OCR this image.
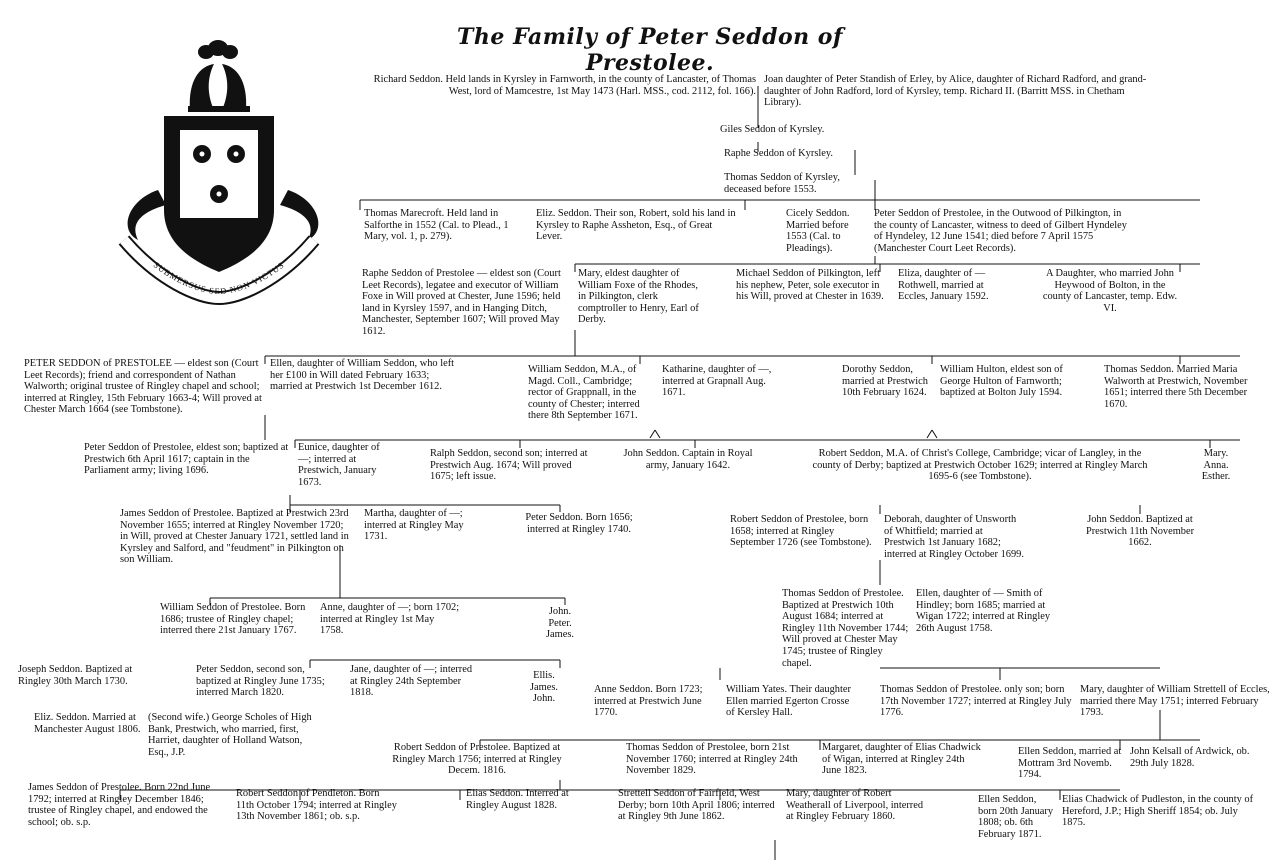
The Family of Peter Seddon of Prestolee.
SUBMERSUS SED NON VICTUS
Richard Seddon. Held lands in Kyrsley in Farnworth, in the county of Lancaster, of Thomas West, lord of Mamcestre, 1st May 1473 (Harl. MSS., cod. 2112, fol. 166).
Joan daughter of Peter Standish of Erley, by Alice, daughter of Richard Radford, and grand-daughter of John Radford, lord of Kyrsley, temp. Richard II. (Barritt MSS. in Chetham Library).
Giles Seddon of Kyrsley.
Raphe Seddon of Kyrsley.
Thomas Seddon of Kyrsley, deceased before 1553.
Thomas Marecroft. Held land in Salforthe in 1552 (Cal. to Plead., 1 Mary, vol. 1, p. 279).
Eliz. Seddon. Their son, Robert, sold his land in Kyrsley to Raphe Assheton, Esq., of Great Lever.
Cicely Seddon. Married before 1553 (Cal. to Pleadings).
Peter Seddon of Prestolee, in the Outwood of Pilkington, in the county of Lancaster, witness to deed of Gilbert Hyndeley of Hyndeley, 12 June 1541; died before 7 April 1575 (Manchester Court Leet Records).
Raphe Seddon of Prestolee — eldest son (Court Leet Records), legatee and executor of William Foxe in Will proved at Chester, June 1596; held land in Kyrsley 1597, and in Hanging Ditch, Manchester, September 1607; Will proved May 1612.
Mary, eldest daughter of William Foxe of the Rhodes, in Pilkington, clerk comptroller to Henry, Earl of Derby.
Michael Seddon of Pilkington, left his nephew, Peter, sole executor in his Will, proved at Chester in 1639.
Eliza, daughter of — Rothwell, married at Eccles, January 1592.
A Daughter, who married John Heywood of Bolton, in the county of Lancaster, temp. Edw. VI.
PETER SEDDON of PRESTOLEE — eldest son (Court Leet Records); friend and correspondent of Nathan Walworth; original trustee of Ringley chapel and school; interred at Ringley, 15th February 1663-4; Will proved at Chester March 1664 (see Tombstone).
Ellen, daughter of William Seddon, who left her £100 in Will dated February 1633; married at Prestwich 1st December 1612.
William Seddon, M.A., of Magd. Coll., Cambridge; rector of Grappnall, in the county of Chester; interred there 8th September 1671.
Katharine, daughter of —, interred at Grapnall Aug. 1671.
Dorothy Seddon, married at Prestwich 10th February 1624.
William Hulton, eldest son of George Hulton of Farnworth; baptized at Bolton July 1594.
Thomas Seddon. Married Maria Walworth at Prestwich, November 1651; interred there 5th December 1670.
Peter Seddon of Prestolee, eldest son; baptized at Prestwich 6th April 1617; captain in the Parliament army; living 1696.
Eunice, daughter of —; interred at Prestwich, January 1673.
Ralph Seddon, second son; interred at Prestwich Aug. 1674; Will proved 1675; left issue.
John Seddon. Captain in Royal army, January 1642.
Robert Seddon, M.A. of Christ's College, Cambridge; vicar of Langley, in the county of Derby; baptized at Prestwich October 1629; interred at Ringley March 1695-6 (see Tombstone).
Mary. Anna. Esther.
James Seddon of Prestolee. Baptized at Prestwich 23rd November 1655; interred at Ringley November 1720; in Will, proved at Chester January 1721, settled land in Kyrsley and Salford, and "feudment" in Pilkington on son William.
Martha, daughter of —; interred at Ringley May 1731.
Peter Seddon. Born 1656; interred at Ringley 1740.
Robert Seddon of Prestolee, born 1658; interred at Ringley September 1726 (see Tombstone).
Deborah, daughter of Unsworth of Whitfield; married at Prestwich 1st January 1682; interred at Ringley October 1699.
John Seddon. Baptized at Prestwich 11th November 1662.
William Seddon of Prestolee. Born 1686; trustee of Ringley chapel; interred there 21st January 1767.
Anne, daughter of —; born 1702; interred at Ringley 1st May 1758.
John. Peter. James.
Thomas Seddon of Prestolee. Baptized at Prestwich 10th August 1684; interred at Ringley 11th November 1744; Will proved at Chester May 1745; trustee of Ringley chapel.
Ellen, daughter of — Smith of Hindley; born 1685; married at Wigan 1722; interred at Ringley 26th August 1758.
Joseph Seddon. Baptized at Ringley 30th March 1730.
Peter Seddon, second son, baptized at Ringley June 1735; interred March 1820.
Jane, daughter of —; interred at Ringley 24th September 1818.
Ellis. James. John.
Anne Seddon. Born 1723; interred at Prestwich June 1770.
William Yates. Their daughter Ellen married Egerton Crosse of Kersley Hall.
Thomas Seddon of Prestolee. only son; born 17th November 1727; interred at Ringley July 1776.
Mary, daughter of William Strettell of Eccles, married there May 1751; interred February 1793.
Eliz. Seddon. Married at Manchester August 1806.
(Second wife.) George Scholes of High Bank, Prestwich, who married, first, Harriet, daughter of Holland Watson, Esq., J.P.	Robert Seddon of Prestolee. Baptized at Ringley March 1756; interred at Ringley Decem. 1816.
Thomas Seddon of Prestolee, born 21st November 1760; interred at Ringley 24th November 1829.
Margaret, daughter of Elias Chadwick of Wigan, interred at Ringley 24th June 1823.
Ellen Seddon, married at Mottram 3rd Novemb. 1794.
John Kelsall of Ardwick, ob. 29th July 1828.
James Seddon of Prestolee. Born 22nd June 1792; interred at Ringley December 1846; trustee of Ringley chapel, and endowed the school; ob. s.p.
Robert Seddon of Pendleton. Born 11th October 1794; interred at Ringley 13th November 1861; ob. s.p.
Elias Seddon. Interred at Ringley August 1828.
Strettell Seddon of Fairfield, West Derby; born 10th April 1806; interred at Ringley 9th June 1862.
Mary, daughter of Robert Weatherall of Liverpool, interred at Ringley February 1860.
Ellen Seddon, born 20th January 1808; ob. 6th February 1871.
Elias Chadwick of Pudleston, in the county of Hereford, J.P.; High Sheriff 1854; ob. July 1875.
